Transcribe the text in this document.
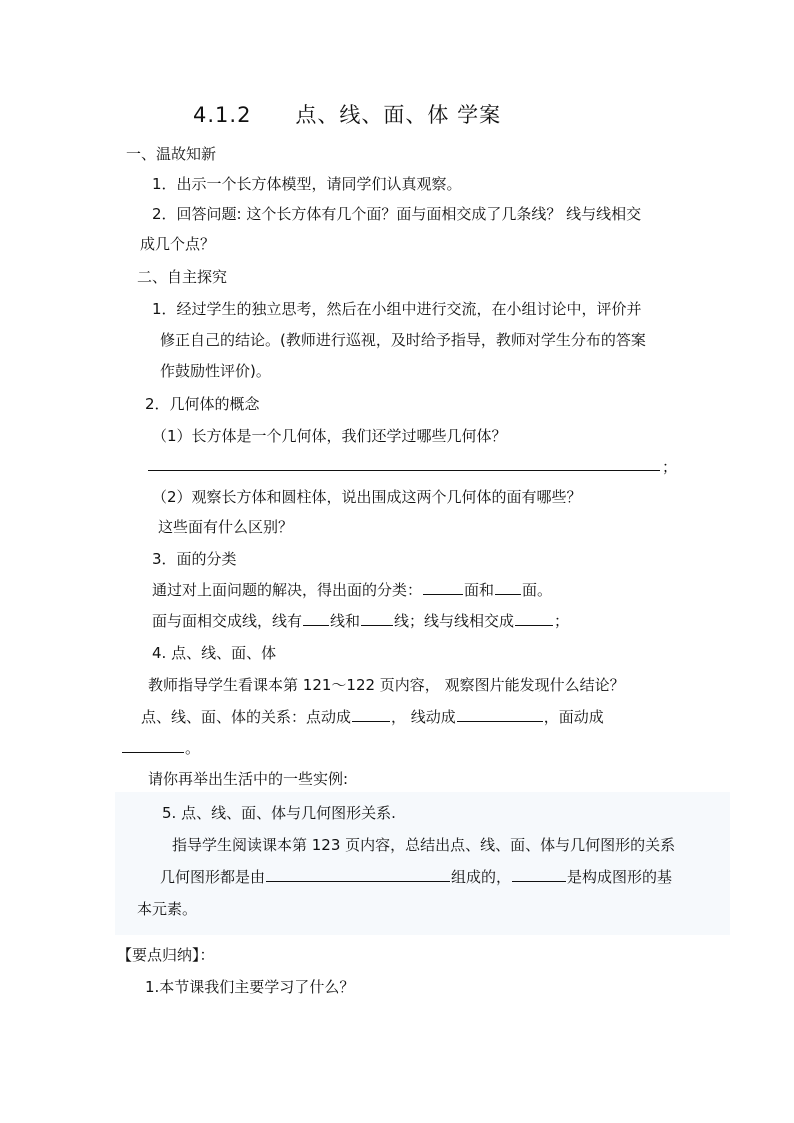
4.1.2　　点、线、面、体 学案
一、温故知新
1．出示一个长方体模型，请同学们认真观察。
2．回答问题: 这个长方体有几个面？面与面相交成了几条线？ 线与线相交
成几个点？
二、自主探究
1．经过学生的独立思考，然后在小组中进行交流，在小组讨论中，评价并
修正自己的结论。(教师进行巡视，及时给予指导，教师对学生分布的答案
作鼓励性评价)。
2．几何体的概念
（1）长方体是一个几何体，我们还学过哪些几何体？
；
（2）观察长方体和圆柱体，说出围成这两个几何体的面有哪些？
这些面有什么区别？
3．面的分类
通过对上面问题的解决，得出面的分类：	面和 面。
面与面相交成线，线有 线和 线；线与线相交成	；
4. 点、线、面、体
教师指导学生看课本第 121～122 页内容， 观察图片能发现什么结论？
点、线、面、体的关系：点动成	， 线动成	，面动成
。
请你再举出生活中的一些实例:
5. 点、线、面、体与几何图形关系.
指导学生阅读课本第 123 页内容，总结出点、线、面、体与几何图形的关系
几何图形都是由	组成的，	是构成图形的基
本元素。
【要点归纳】：
1.本节课我们主要学习了什么？
